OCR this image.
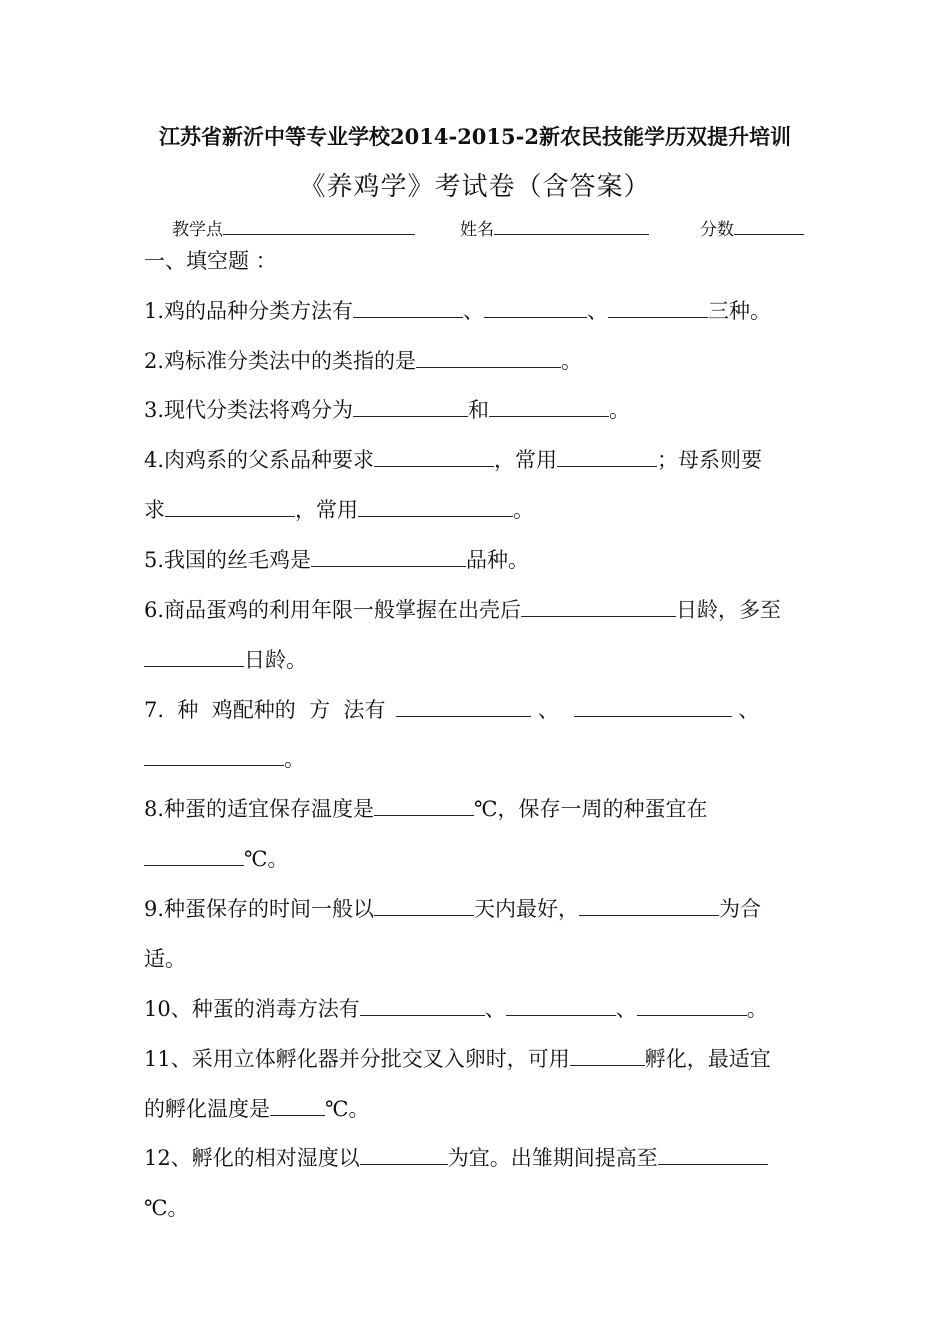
江苏省新沂中等专业学校2014-2015-2新农民技能学历双提升培训
《养鸡学》考试卷（含答案）
教学点	姓名	分数
一、填空题 ：
1.鸡的品种分类方法有	、	、	三种。
2.鸡标准分类法中的类指的是	。
3.现代分类法将鸡分为	和	。
4.肉鸡系的父系品种要求	，常用	；母系则要
求	，常用	。
5.我国的丝毛鸡是	品种。
6.商品蛋鸡的利用年限一般掌握在出壳后	日龄，多至
日龄。
7.  种  鸡配种的  方  法有	、	、
。
8.种蛋的适宜保存温度是	℃，保存一周的种蛋宜在
℃。
9.种蛋保存的时间一般以	天内最好，	为合
适。
10、种蛋的消毒方法有	、	、	。
11、采用立体孵化器并分批交叉入卵时，可用	孵化，最适宜
的孵化温度是	℃。
12、孵化的相对湿度以	为宜。出雏期间提高至
℃。
